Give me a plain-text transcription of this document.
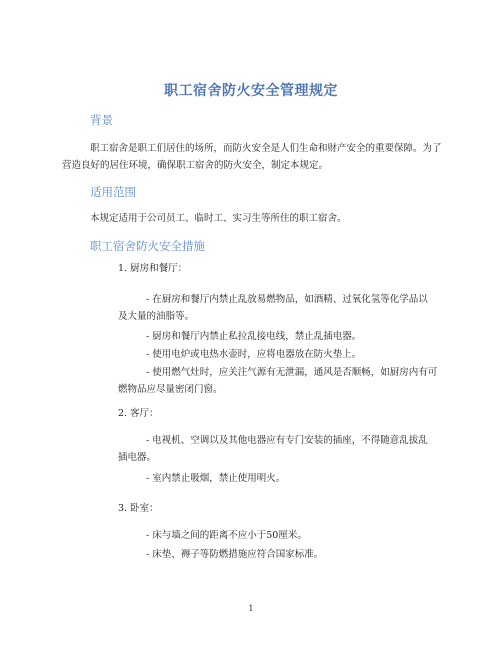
职工宿舍防火安全管理规定
背景
职工宿舍是职工们居住的场所，而防火安全是人们生命和财产安全的重要保障。为了营造良好的居住环境，确保职工宿舍的防火安全，制定本规定。
适用范围
本规定适用于公司员工、临时工、实习生等所住的职工宿舍。
职工宿舍防火安全措施
1. 厨房和餐厅：
- 在厨房和餐厅内禁止乱放易燃物品，如酒精、过氧化氢等化学品以及大量的油脂等。
- 厨房和餐厅内禁止私拉乱接电线，禁止乱插电器。
- 使用电炉或电热水壶时，应将电器放在防火垫上。
- 使用燃气灶时，应关注气源有无泄漏，通风是否顺畅，如厨房内有可燃物品应尽量密闭门窗。
2. 客厅：
- 电视机、空调以及其他电器应有专门安装的插座，不得随意乱拔乱插电器。
- 室内禁止吸烟，禁止使用明火。
3. 卧室：
- 床与墙之间的距离不应小于50厘米。
- 床垫、褥子等防燃措施应符合国家标准。
1
